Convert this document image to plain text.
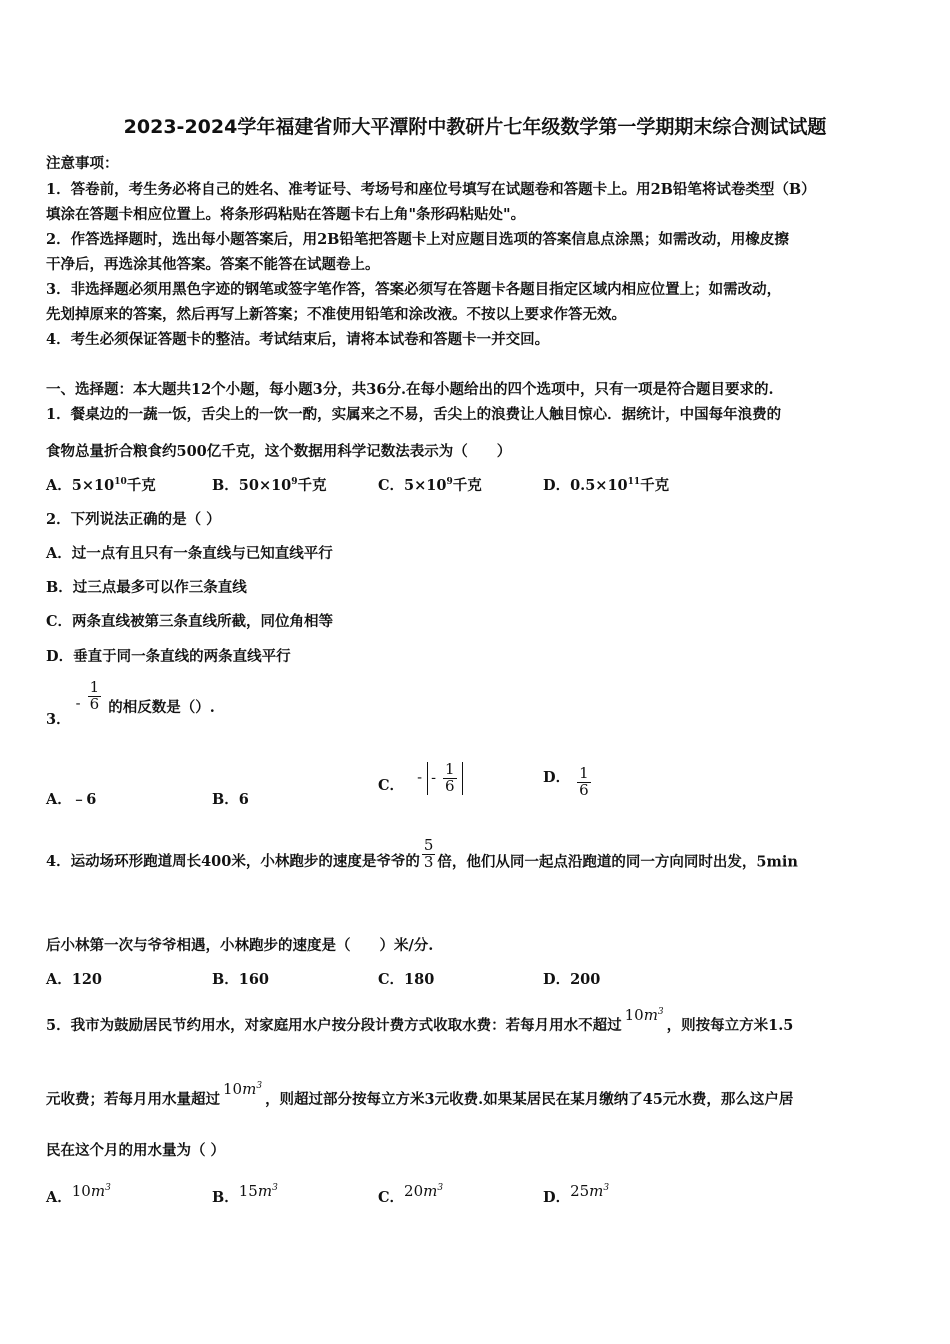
2023-2024学年福建省师大平潭附中教研片七年级数学第一学期期末综合测试试题
注意事项：
1．答卷前，考生务必将自己的姓名、准考证号、考场号和座位号填写在试题卷和答题卡上。用2B铅笔将试卷类型（B）
填涂在答题卡相应位置上。将条形码粘贴在答题卡右上角"条形码粘贴处"。
2．作答选择题时，选出每小题答案后，用2B铅笔把答题卡上对应题目选项的答案信息点涂黑；如需改动，用橡皮擦
干净后，再选涂其他答案。答案不能答在试题卷上。
3．非选择题必须用黑色字迹的钢笔或签字笔作答，答案必须写在答题卡各题目指定区域内相应位置上；如需改动，
先划掉原来的答案，然后再写上新答案；不准使用铅笔和涂改液。不按以上要求作答无效。
4．考生必须保证答题卡的整洁。考试结束后，请将本试卷和答题卡一并交回。
一、选择题：本大题共12个小题，每小题3分，共36分.在每小题给出的四个选项中，只有一项是符合题目要求的.
1．餐桌边的一蔬一饭，舌尖上的一饮一酌，实属来之不易，舌尖上的浪费让人触目惊心．据统计，中国每年浪费的
食物总量折合粮食约500亿千克，这个数据用科学记数法表示为（　　）
A．$5\times 10^{10}$千克	B．$50\times 10^9$千克	C．$5\times 10^9$千克	D．$0.5\times 10^{11}$千克
2．下列说法正确的是（ ）
A．过一点有且只有一条直线与已知直线平行
B．过三点最多可以作三条直线
C．两条直线被第三条直线所截，同位角相等
D．垂直于同一条直线的两条直线平行
3． - $\frac{1}{6}$ 的相反数是（）.
A．﹣6	B．6
C． - - $\frac{1}{6}$	D． $\frac{1}{6}$
4．运动场环形跑道周长400米，小林跑步的速度是爷爷的 $\frac{5}{3}$ 倍，他们从同一起点沿跑道的同一方向同时出发，5min
后小林第一次与爷爷相遇，小林跑步的速度是（　　）米/分.
A．120	B．160	C．180	D．200
5．我市为鼓励居民节约用水，对家庭用水户按分段计费方式收取水费：若每月用水不超过$10m^3$，则按每立方米1.5
元收费；若每月用水量超过$10m^3$，则超过部分按每立方米3元收费.如果某居民在某月缴纳了45元水费，那么这户居
民在这个月的用水量为（ ）
A．$10m^3$
B．$15m^3$
C．$20m^3$
D．$25m^3$
